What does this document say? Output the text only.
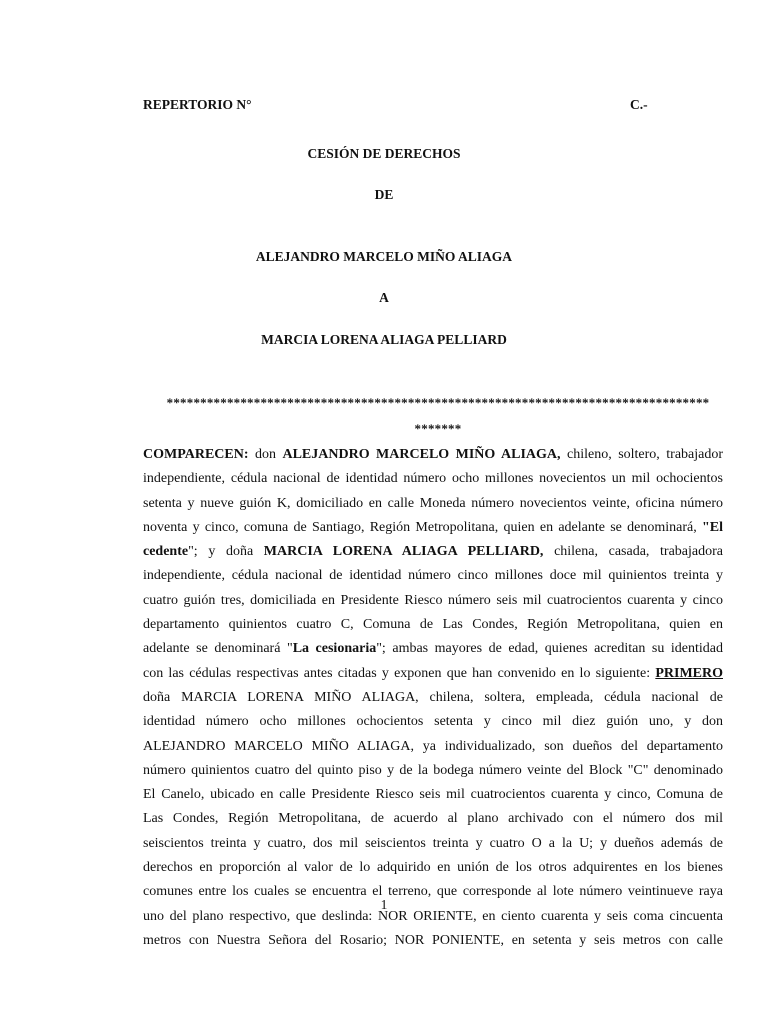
REPERTORIO N°	C.-
CESIÓN DE DERECHOS
DE
ALEJANDRO MARCELO MIÑO ALIAGA
A
MARCIA LORENA ALIAGA PELLIARD
*********************************************************************************
*******
COMPARECEN: don ALEJANDRO MARCELO MIÑO ALIAGA, chileno, soltero, trabajador
independiente, cédula nacional de identidad número ocho millones novecientos un mil ochocientos
setenta y nueve guión K, domiciliado en calle Moneda número novecientos veinte, oficina número
noventa y cinco, comuna de Santiago, Región Metropolitana, quien en adelante se denominará, "El
cedente"; y doña MARCIA LORENA ALIAGA PELLIARD, chilena, casada, trabajadora
independiente, cédula nacional de identidad número cinco millones doce mil quinientos treinta y
cuatro guión tres, domiciliada en Presidente Riesco número seis mil cuatrocientos cuarenta y cinco
departamento quinientos cuatro C, Comuna de Las Condes, Región Metropolitana, quien en
adelante se denominará "La cesionaria"; ambas mayores de edad, quienes acreditan su identidad
con las cédulas respectivas antes citadas y exponen que han convenido en lo siguiente: PRIMERO
doña MARCIA LORENA MIÑO ALIAGA, chilena, soltera, empleada, cédula nacional de
identidad número ocho millones ochocientos setenta y cinco mil diez guión uno, y don
ALEJANDRO MARCELO MIÑO ALIAGA, ya individualizado, son dueños del departamento
número quinientos cuatro del quinto piso y de la bodega número veinte del Block "C" denominado
El Canelo, ubicado en calle Presidente Riesco seis mil cuatrocientos cuarenta y cinco, Comuna de
Las Condes, Región Metropolitana, de acuerdo al plano archivado con el número dos mil
seiscientos treinta y cuatro, dos mil seiscientos treinta y cuatro O a la U; y dueños además de
derechos en proporción al valor de lo adquirido en unión de los otros adquirentes en los bienes
comunes entre los cuales se encuentra el terreno, que corresponde al lote número veintinueve raya
uno del plano respectivo, que deslinda: NOR ORIENTE, en ciento cuarenta y seis coma cincuenta
metros con Nuestra Señora del Rosario; NOR PONIENTE, en setenta y seis metros con calle
1
